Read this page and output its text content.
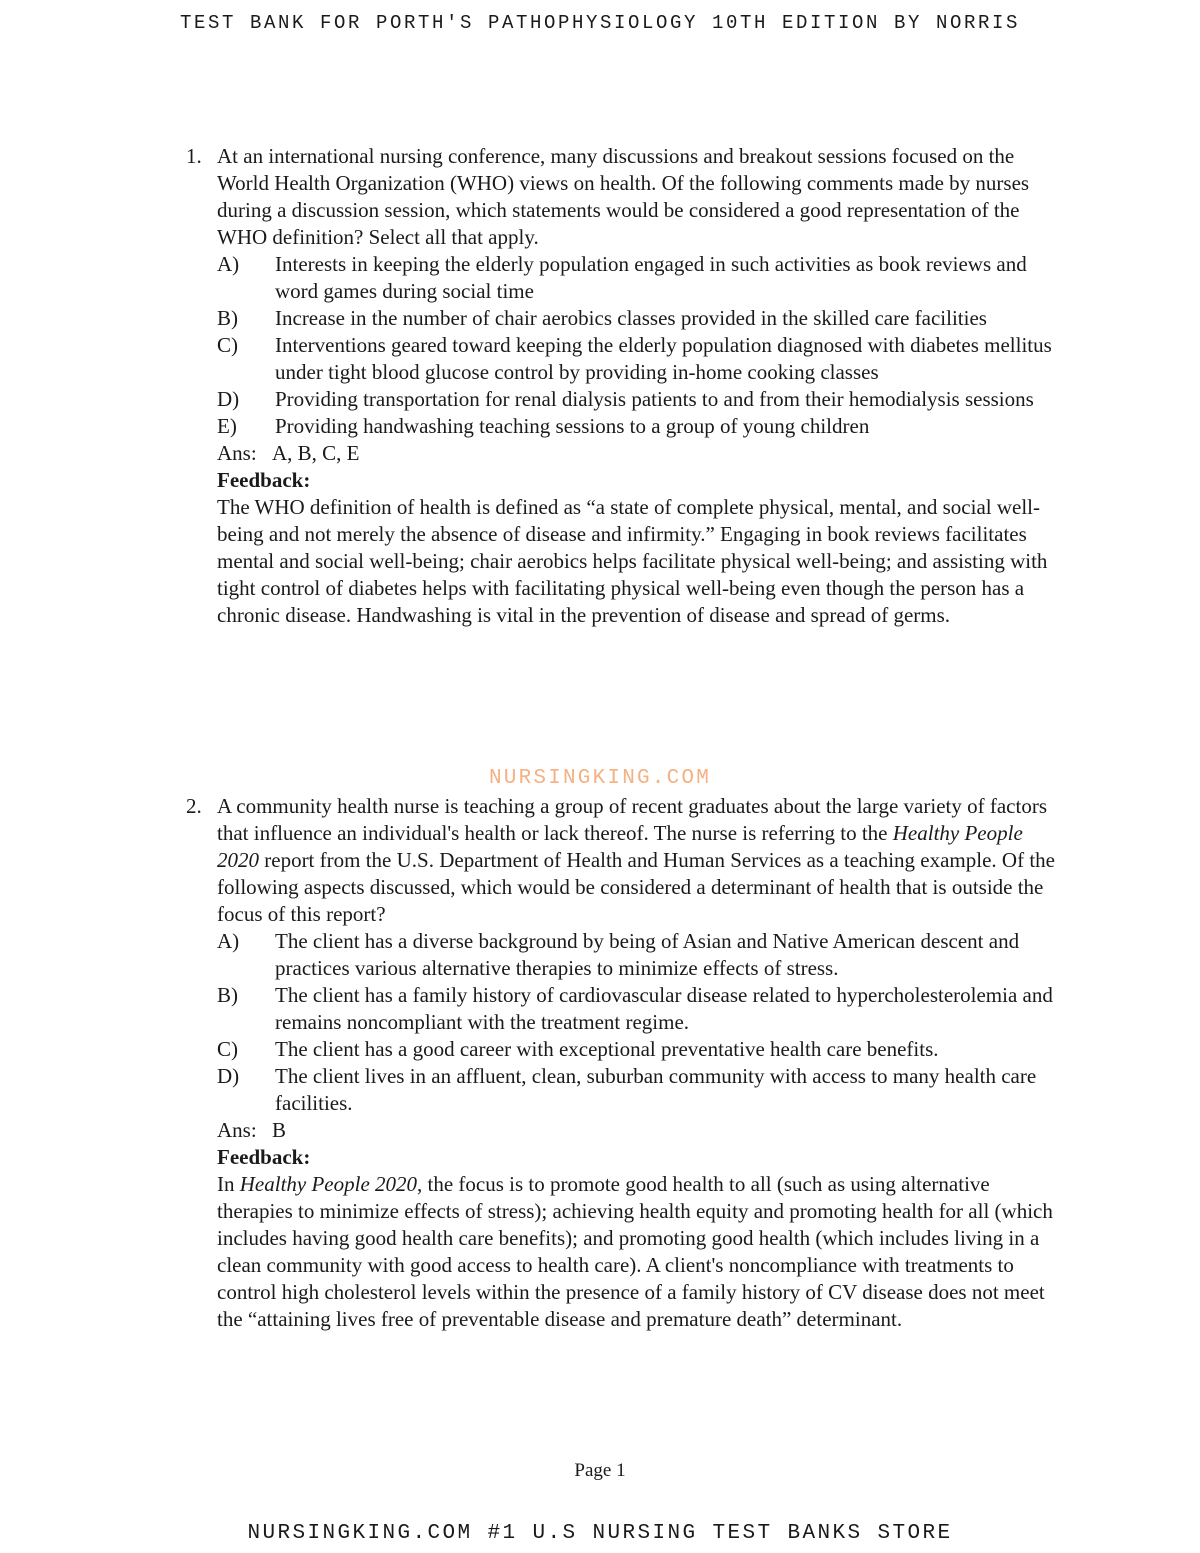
TEST BANK FOR PORTH'S PATHOPHYSIOLOGY 10TH EDITION BY NORRIS
1. At an international nursing conference, many discussions and breakout sessions focused on the World Health Organization (WHO) views on health. Of the following comments made by nurses during a discussion session, which statements would be considered a good representation of the WHO definition? Select all that apply.

A) Interests in keeping the elderly population engaged in such activities as book reviews and word games during social time

B) Increase in the number of chair aerobics classes provided in the skilled care facilities

C) Interventions geared toward keeping the elderly population diagnosed with diabetes mellitus under tight blood glucose control by providing in-home cooking classes

D) Providing transportation for renal dialysis patients to and from their hemodialysis sessions

E) Providing handwashing teaching sessions to a group of young children

Ans: A, B, C, E

Feedback:

The WHO definition of health is defined as “a state of complete physical, mental, and social well-being and not merely the absence of disease and infirmity.” Engaging in book reviews facilitates mental and social well-being; chair aerobics helps facilitate physical well-being; and assisting with tight control of diabetes helps with facilitating physical well-being even though the person has a chronic disease. Handwashing is vital in the prevention of disease and spread of germs.

NURSINGKING.COM
2. A community health nurse is teaching a group of recent graduates about the large variety of factors that influence an individual's health or lack thereof. The nurse is referring to the Healthy People 2020 report from the U.S. Department of Health and Human Services as a teaching example. Of the following aspects discussed, which would be considered a determinant of health that is outside the focus of this report?

A) The client has a diverse background by being of Asian and Native American descent and practices various alternative therapies to minimize effects of stress.

B) The client has a family history of cardiovascular disease related to hypercholesterolemia and remains noncompliant with the treatment regime.

C) The client has a good career with exceptional preventative health care benefits.

D) The client lives in an affluent, clean, suburban community with access to many health care facilities.

Ans: B

Feedback:

In Healthy People 2020, the focus is to promote good health to all (such as using alternative therapies to minimize effects of stress); achieving health equity and promoting health for all (which includes having good health care benefits); and promoting good health (which includes living in a clean community with good access to health care). A client's noncompliance with treatments to control high cholesterol levels within the presence of a family history of CV disease does not meet the “attaining lives free of preventable disease and premature death” determinant.

Page 1
NURSINGKING.COM #1 U.S NURSING TEST BANKS STORE
